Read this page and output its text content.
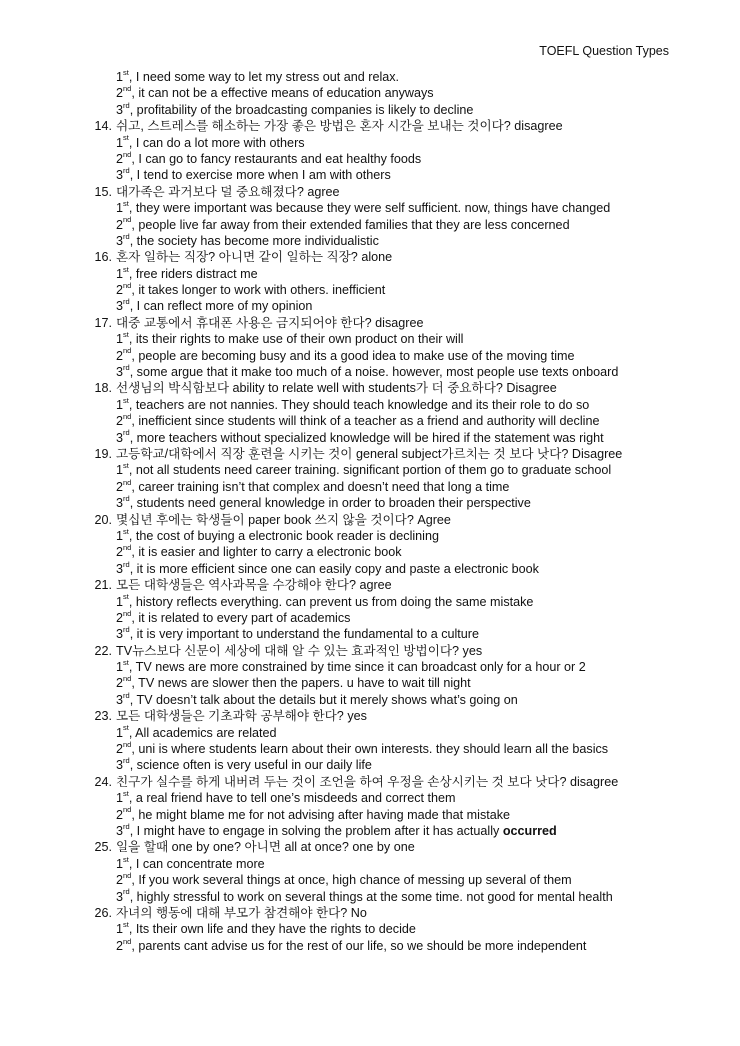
TOEFL Question Types
1st, I need some way to let my stress out and relax.
2nd, it can not be a effective means of education anyways
3rd, profitability of the broadcasting companies is likely to decline
14. 쉬고, 스트레스를 해소하는 가장 좋은 방법은 혼자 시간을 보내는 것이다? disagree
1st, I can do a lot more with others
2nd, I can go to fancy restaurants and eat healthy foods
3rd, I tend to exercise more when I am with others
15. 대가족은 과거보다 덜 중요해졌다? agree
1st, they were important was because they were self sufficient. now, things have changed
2nd, people live far away from their extended families that they are less concerned
3rd, the society has become more individualistic
16. 혼자 일하는 직장? 아니면 같이 일하는 직장? alone
1st, free riders distract me
2nd, it takes longer to work with others. inefficient
3rd, I can reflect more of my opinion
17. 대중 교통에서 휴대폰 사용은 금지되어야 한다? disagree
1st, its their rights to make use of their own product on their will
2nd, people are becoming busy and its a good idea to make use of the moving time
3rd, some argue that it make too much of a noise. however, most people use texts onboard
18. 선생님의 박식함보다 ability to relate well with students가 더 중요하다? Disagree
1st, teachers are not nannies. They should teach knowledge and its their role to do so
2nd, inefficient since students will think of a teacher as a friend and authority will decline
3rd, more teachers without specialized knowledge will be hired if the statement was right
19. 고등학교/대학에서 직장 훈련을 시키는 것이 general subject가르치는 것 보다 낫다? Disagree
1st, not all students need career training. significant portion of them go to graduate school
2nd, career training isn’t that complex and doesn’t need that long a time
3rd, students need general knowledge in order to broaden their perspective
20. 몇십년 후에는 학생들이 paper book 쓰지 않을 것이다? Agree
1st, the cost of buying a electronic book reader is declining
2nd, it is easier and lighter to carry a electronic book
3rd, it is more efficient since one can easily copy and paste a electronic book
21. 모든 대학생들은 역사과목을 수강해야 한다? agree
1st, history reflects everything. can prevent us from doing the same mistake
2nd, it is related to every part of academics
3rd, it is very important to understand the fundamental to a culture
22. TV뉴스보다 신문이 세상에 대해 알 수 있는 효과적인 방법이다? yes
1st, TV news are more constrained by time since it can broadcast only for a hour or 2
2nd, TV news are slower then the papers. u have to wait till night
3rd, TV doesn’t talk about the details but it merely shows what’s going on
23. 모든 대학생들은 기초과학 공부해야 한다? yes
1st, All academics are related
2nd, uni is where students learn about their own interests. they should learn all the basics
3rd, science often is very useful in our daily life
24. 친구가 실수를 하게 내버려 두는 것이 조언을 하여 우정을 손상시키는 것 보다 낫다? disagree
1st, a real friend have to tell one’s misdeeds and correct them
2nd, he might blame me for not advising after having made that mistake
3rd, I might have to engage in solving the problem after it has actually occurred
25. 일을 할때 one by one? 아니면 all at once? one by one
1st, I can concentrate more
2nd, If you work several things at once, high chance of messing up several of them
3rd, highly stressful to work on several things at the some time. not good for mental health
26. 자녀의 행동에 대해 부모가 참견해야 한다? No
1st, Its their own life and they have the rights to decide
2nd, parents cant advise us for the rest of our life, so we should be more independent
